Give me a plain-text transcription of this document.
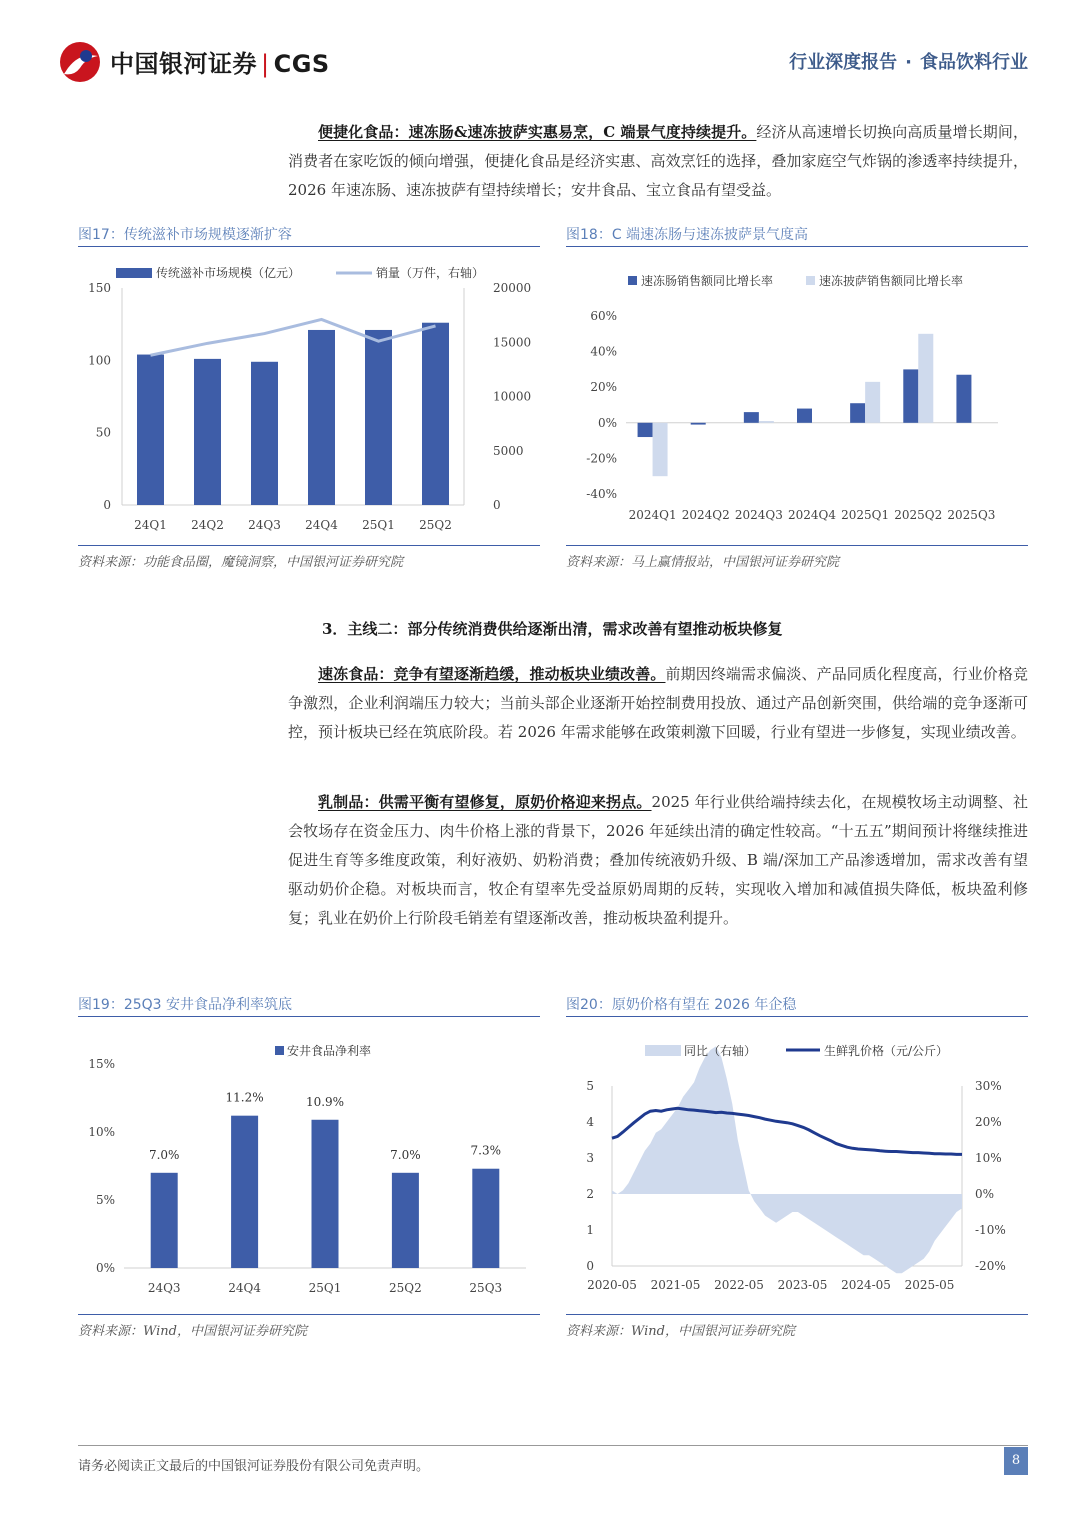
中国银河证券 | CGS	行业深度报告 · 食品饮料行业
便捷化食品：速冻肠&速冻披萨实惠易烹，C 端景气度持续提升。经济从高速增长切换向高质量增长期间，消费者在家吃饭的倾向增强，便捷化食品是经济实惠、高效烹饪的选择，叠加家庭空气炸锅的渗透率持续提升，2026 年速冻肠、速冻披萨有望持续增长；安井食品、宝立食品有望受益。
图17：传统滋补市场规模逐渐扩容
0
50
100
150
0
5000
10000
15000
20000
24Q1 24Q2 24Q3 24Q4 25Q1 25Q2
传统滋补市场规模（亿元）	销量（万件，右轴）
资料来源：功能食品圈，魔镜洞察，中国银河证券研究院
图18：C 端速冻肠与速冻披萨景气度高
-40%
-20%
0%
20%
40%
60%
2024Q1 2024Q2 2024Q3 2024Q4 2025Q1 2025Q2 2025Q3
速冻肠销售额同比增长率	速冻披萨销售额同比增长率
资料来源：马上赢情报站，中国银河证券研究院
3．主线二：部分传统消费供给逐渐出清，需求改善有望推动板块修复
速冻食品：竞争有望逐渐趋缓，推动板块业绩改善。前期因终端需求偏淡、产品同质化程度高，行业价格竞争激烈，企业利润端压力较大；当前头部企业逐渐开始控制费用投放、通过产品创新突围，供给端的竞争逐渐可控，预计板块已经在筑底阶段。若 2026 年需求能够在政策刺激下回暖，行业有望进一步修复，实现业绩改善。
乳制品：供需平衡有望修复，原奶价格迎来拐点。2025 年行业供给端持续去化，在规模牧场主动调整、社会牧场存在资金压力、肉牛价格上涨的背景下，2026 年延续出清的确定性较高。“十五五”期间预计将继续推进促进生育等多维度政策，利好液奶、奶粉消费；叠加传统液奶升级、B 端/深加工产品渗透增加，需求改善有望驱动奶价企稳。对板块而言，牧企有望率先受益原奶周期的反转，实现收入增加和减值损失降低，板块盈利修复；乳业在奶价上行阶段毛销差有望逐渐改善，推动板块盈利提升。
图19：25Q3 安井食品净利率筑底
0%
5%
10%
15%
7.0%
24Q3
11.2%
24Q4
10.9%
25Q1
7.0%
25Q2
7.3%
25Q3
安井食品净利率
资料来源：Wind，中国银河证券研究院
图20：原奶价格有望在 2026 年企稳
0
1
2
3
4
5
-20%
-10%
0%
10%
20%
30%
2020-05 2021-05 2022-05 2023-05 2024-05 2025-05
同比（右轴）	生鲜乳价格（元/公斤）
资料来源：Wind，中国银河证券研究院
请务必阅读正文最后的中国银河证券股份有限公司免责声明。	8
